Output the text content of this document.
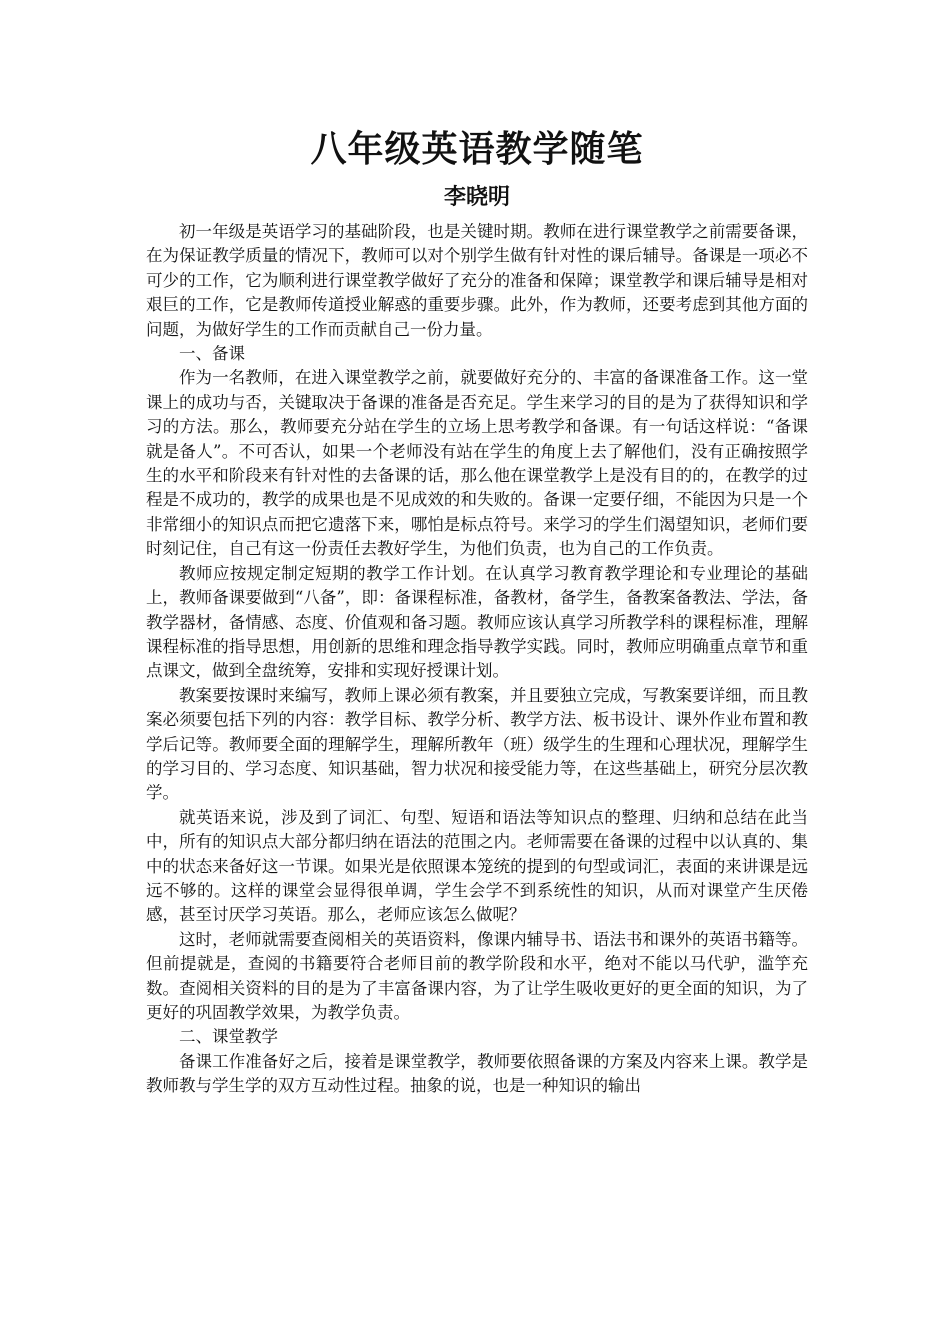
八年级英语教学随笔
李晓明

初一年级是英语学习的基础阶段，也是关键时期。教师在进行课堂教学之前需要备课，在为保证教学质量的情况下，教师可以对个别学生做有针对性的课后辅导。备课是一项必不可少的工作，它为顺利进行课堂教学做好了充分的准备和保障；课堂教学和课后辅导是相对艰巨的工作，它是教师传道授业解惑的重要步骤。此外，作为教师，还要考虑到其他方面的问题，为做好学生的工作而贡献自己一份力量。

一、备课

作为一名教师，在进入课堂教学之前，就要做好充分的、丰富的备课准备工作。这一堂课上的成功与否，关键取决于备课的准备是否充足。学生来学习的目的是为了获得知识和学习的方法。那么，教师要充分站在学生的立场上思考教学和备课。有一句话这样说：“备课就是备人”。不可否认，如果一个老师没有站在学生的角度上去了解他们，没有正确按照学生的水平和阶段来有针对性的去备课的话，那么他在课堂教学上是没有目的的，在教学的过程是不成功的，教学的成果也是不见成效的和失败的。备课一定要仔细，不能因为只是一个非常细小的知识点而把它遗落下来，哪怕是标点符号。来学习的学生们渴望知识，老师们要时刻记住，自己有这一份责任去教好学生，为他们负责，也为自己的工作负责。

教师应按规定制定短期的教学工作计划。在认真学习教育教学理论和专业理论的基础上，教师备课要做到“八备”，即：备课程标准，备教材，备学生，备教案备教法、学法，备教学器材，备情感、态度、价值观和备习题。教师应该认真学习所教学科的课程标准，理解课程标准的指导思想，用创新的思维和理念指导教学实践。同时，教师应明确重点章节和重点课文，做到全盘统筹，安排和实现好授课计划。

教案要按课时来编写，教师上课必须有教案，并且要独立完成，写教案要详细，而且教案必须要包括下列的内容：教学目标、教学分析、教学方法、板书设计、课外作业布置和教学后记等。教师要全面的理解学生，理解所教年（班）级学生的生理和心理状况，理解学生的学习目的、学习态度、知识基础，智力状况和接受能力等，在这些基础上，研究分层次教学。

就英语来说，涉及到了词汇、句型、短语和语法等知识点的整理、归纳和总结在此当中，所有的知识点大部分都归纳在语法的范围之内。老师需要在备课的过程中以认真的、集中的状态来备好这一节课。如果光是依照课本笼统的提到的句型或词汇，表面的来讲课是远远不够的。这样的课堂会显得很单调，学生会学不到系统性的知识，从而对课堂产生厌倦感，甚至讨厌学习英语。那么，老师应该怎么做呢？

这时，老师就需要查阅相关的英语资料，像课内辅导书、语法书和课外的英语书籍等。但前提就是，查阅的书籍要符合老师目前的教学阶段和水平，绝对不能以马代驴，滥竽充数。查阅相关资料的目的是为了丰富备课内容，为了让学生吸收更好的更全面的知识，为了更好的巩固教学效果，为教学负责。

二、课堂教学

备课工作准备好之后，接着是课堂教学，教师要依照备课的方案及内容来上课。教学是教师教与学生学的双方互动性过程。抽象的说，也是一种知识的输出
